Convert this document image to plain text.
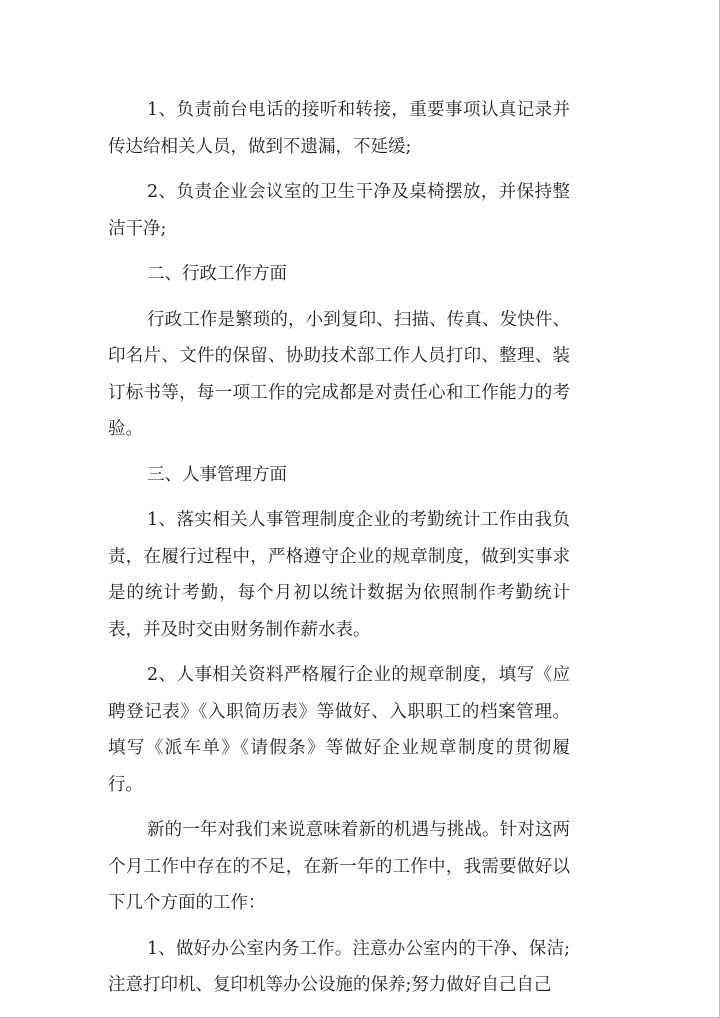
1、负责前台电话的接听和转接，重要事项认真记录并传达给相关人员，做到不遗漏，不延缓;

2、负责企业会议室的卫生干净及桌椅摆放，并保持整洁干净;

二、行政工作方面

行政工作是繁琐的，小到复印、扫描、传真、发快件、印名片、文件的保留、协助技术部工作人员打印、整理、装订标书等，每一项工作的完成都是对责任心和工作能力的考验。

三、人事管理方面

1、落实相关人事管理制度企业的考勤统计工作由我负责，在履行过程中，严格遵守企业的规章制度，做到实事求是的统计考勤，每个月初以统计数据为依照制作考勤统计表，并及时交由财务制作薪水表。

2、人事相关资料严格履行企业的规章制度，填写《应聘登记表》《入职简历表》等做好、入职职工的档案管理。填写《派车单》《请假条》等做好企业规章制度的贯彻履行。

新的一年对我们来说意味着新的机遇与挑战。针对这两个月工作中存在的不足，在新一年的工作中，我需要做好以下几个方面的工作：

1、做好办公室内务工作。注意办公室内的干净、保洁;注意打印机、复印机等办公设施的保养;努力做好自己自己
